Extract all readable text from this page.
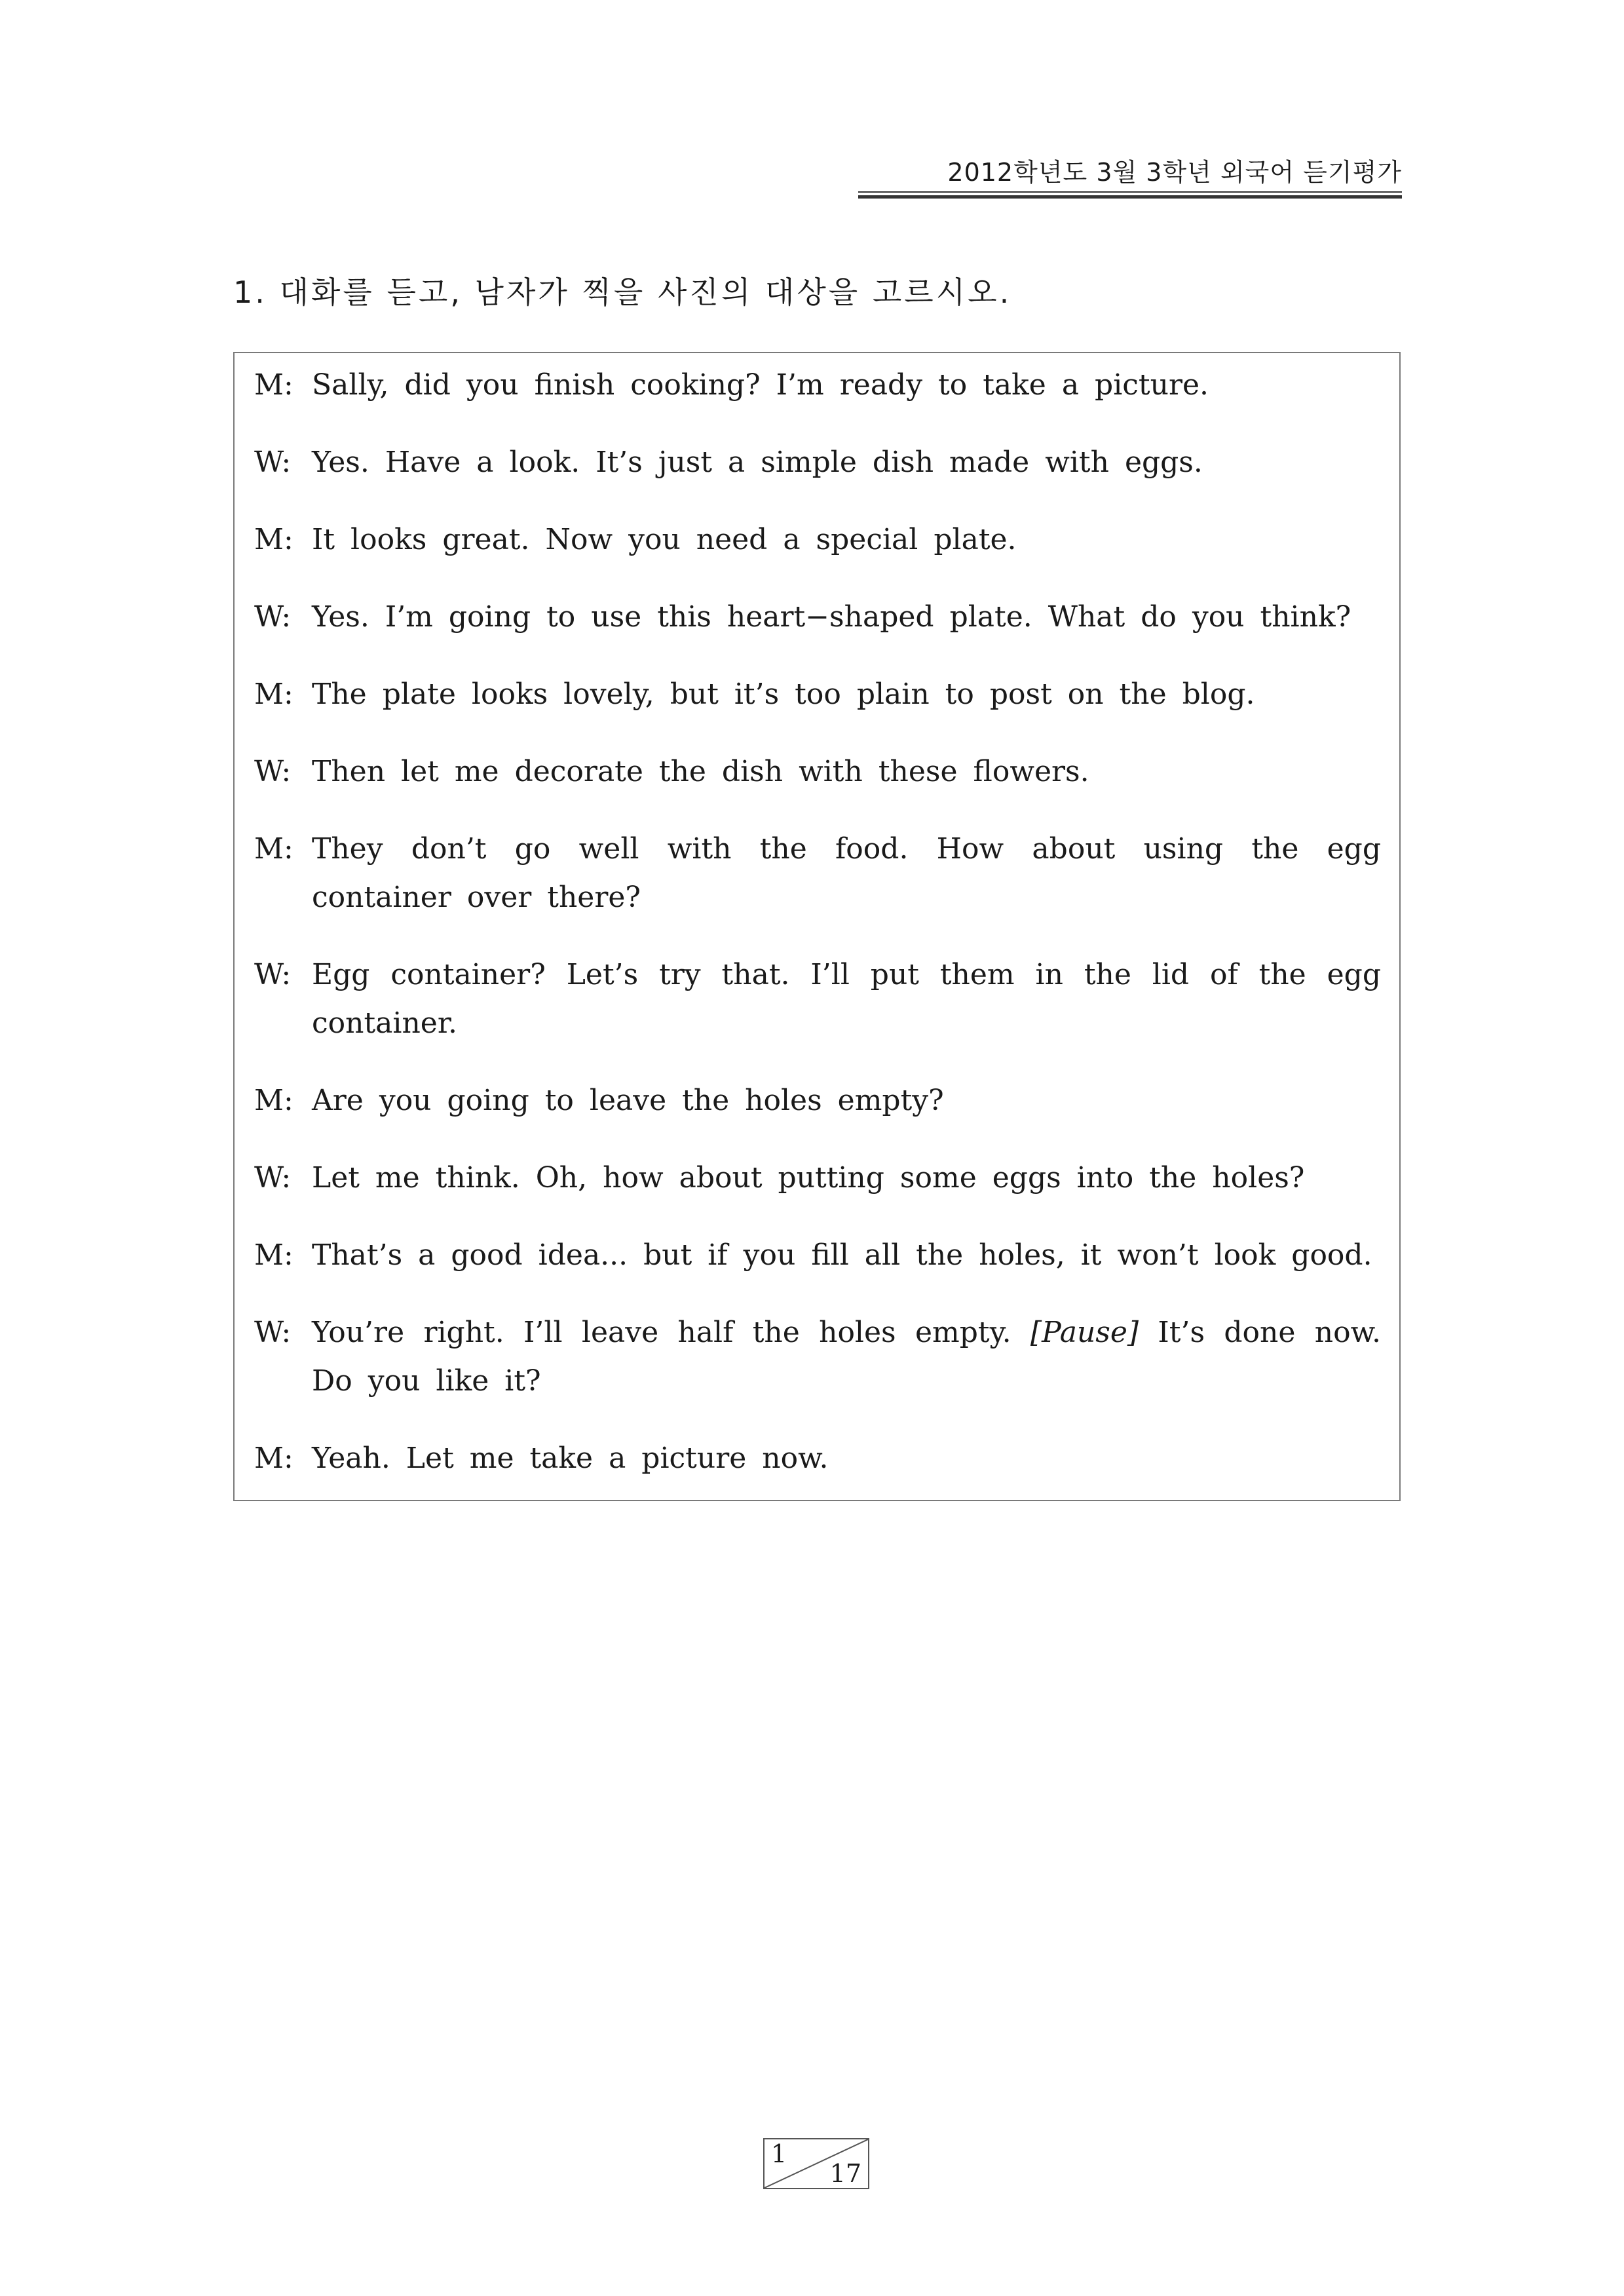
2012학년도 3월 3학년 외국어 듣기평가
1. 대화를 듣고, 남자가 찍을 사진의 대상을 고르시오.
M: Sally, did you finish cooking? I’m ready to take a picture.
W: Yes. Have a look. It’s just a simple dish made with eggs.
M: It looks great. Now you need a special plate.
W: Yes. I’m going to use this heart−shaped plate. What do you think?
M: The plate looks lovely, but it’s too plain to post on the blog.
W: Then let me decorate the dish with these flowers.
M: They don’t go well with the food. How about using the egg container over there?
W: Egg container? Let’s try that. I’ll put them in the lid of the egg container.
M: Are you going to leave the holes empty?
W: Let me think. Oh, how about putting some eggs into the holes?
M: That’s a good idea... but if you fill all the holes, it won’t look good.
W: You’re right. I’ll leave half the holes empty. [Pause] It’s done now. Do you like it?
M: Yeah. Let me take a picture now.
1
17
